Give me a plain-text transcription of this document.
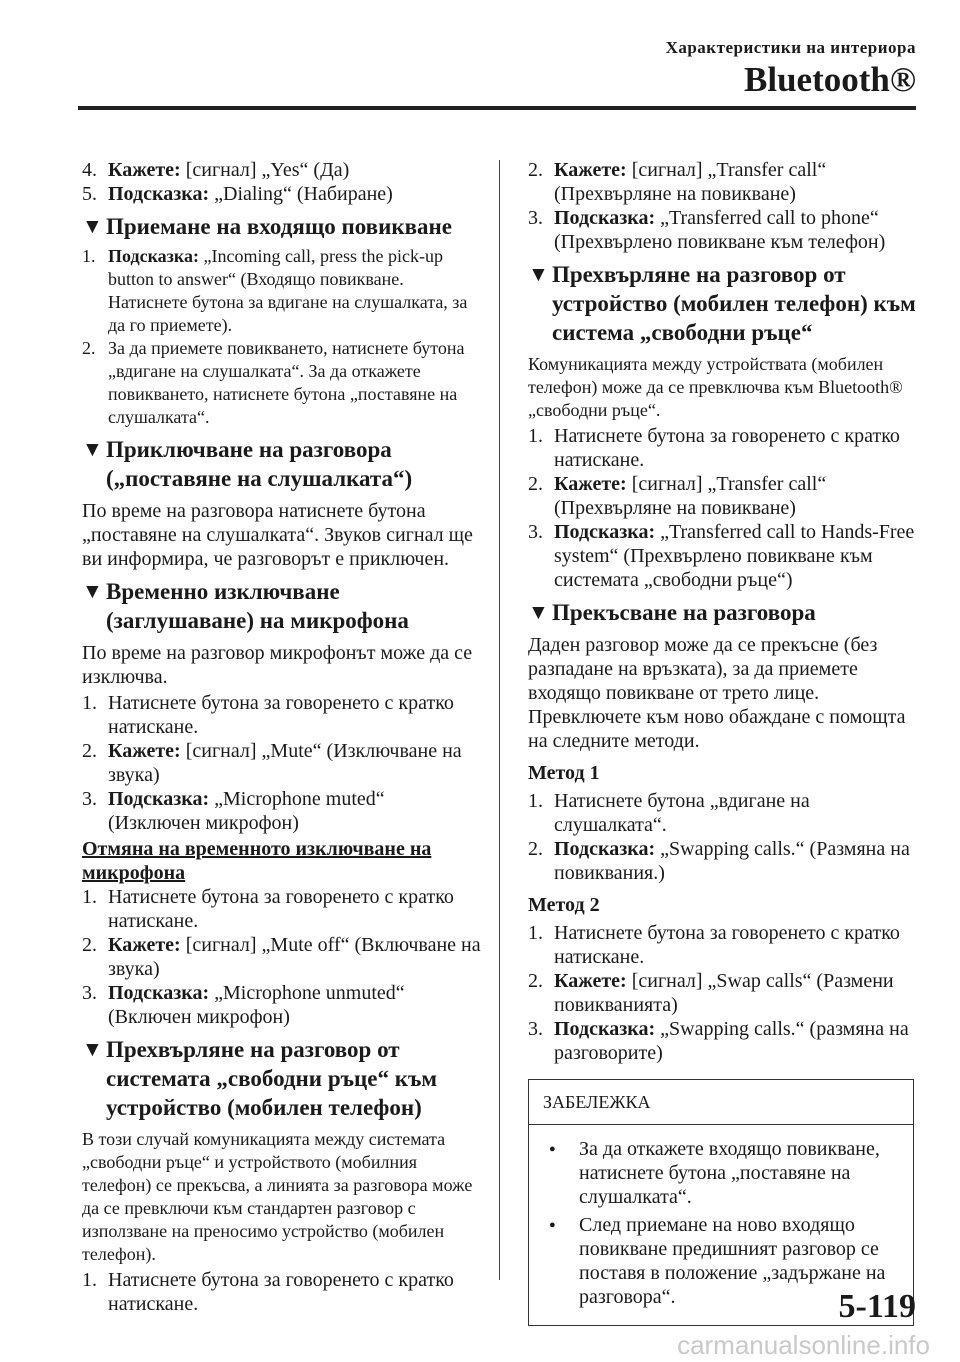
Характеристики на интериора
Bluetooth®
4. Кажете: [сигнал] „Yes“ (Да)
5. Подсказка: „Dialing“ (Набиране)
▼ Приемане на входящо повикване
1. Подсказка: „Incoming call, press the pick-up button to answer“ (Входящо повикване. Натиснете бутона за вдигане на слушалката, за да го приемете).
2. За да приемете повикването, натиснете бутона „вдигане на слушалката“. За да откажете повикването, натиснете бутона „поставяне на слушалката“.
▼ Приключване на разговора („поставяне на слушалката“)
По време на разговора натиснете бутона „поставяне на слушалката“. Звуков сигнал ще ви информира, че разговорът е приключен.
▼ Временно изключване (заглушаване) на микрофона
По време на разговор микрофонът може да се изключва.
1. Натиснете бутона за говоренето с кратко натискане.
2. Кажете: [сигнал] „Mute“ (Изключване на звука)
3. Подсказка: „Microphone muted“ (Изключен микрофон)
Отмяна на временното изключване на микрофона
1. Натиснете бутона за говоренето с кратко натискане.
2. Кажете: [сигнал] „Mute off“ (Включване на звука)
3. Подсказка: „Microphone unmuted“ (Включен микрофон)
▼ Прехвърляне на разговор от системата „свободни ръце“ към устройство (мобилен телефон)
В този случай комуникацията между системата „свободни ръце“ и устройството (мобилния телефон) се прекъсва, а линията за разговора може да се превключи към стандартен разговор с използване на преносимо устройство (мобилен телефон).
1. Натиснете бутона за говоренето с кратко натискане.
2. Кажете: [сигнал] „Transfer call“ (Прехвърляне на повикване)
3. Подсказка: „Transferred call to phone“ (Прехвърлено повикване към телефон)
▼ Прехвърляне на разговор от устройство (мобилен телефон) към система „свободни ръце“
Комуникацията между устройствата (мобилен телефон) може да се превключва към Bluetooth® „свободни ръце“.
1. Натиснете бутона за говоренето с кратко натискане.
2. Кажете: [сигнал] „Transfer call“ (Прехвърляне на повикване)
3. Подсказка: „Transferred call to Hands-Free system“ (Прехвърлено повикване към системата „свободни ръце“)
▼ Прекъсване на разговора
Даден разговор може да се прекъсне (без разпадане на връзката), за да приемете входящо повикване от трето лице. Превключете към ново обаждане с помощта на следните методи.
Метод 1
1. Натиснете бутона „вдигане на слушалката“.
2. Подсказка: „Swapping calls.“ (Размяна на повиквания.)
Метод 2
1. Натиснете бутона за говоренето с кратко натискане.
2. Кажете: [сигнал] „Swap calls“ (Размени повикванията)
3. Подсказка: „Swapping calls.“ (размяна на разговорите)
ЗАБЕЛЕЖКА
●	За да откажете входящо повикване, натиснете бутона „поставяне на слушалката“.
●	След приемане на ново входящо повикване предишният разговор се поставя в положение „задържане на разговора“.	5-119
carmanualsonline.info
